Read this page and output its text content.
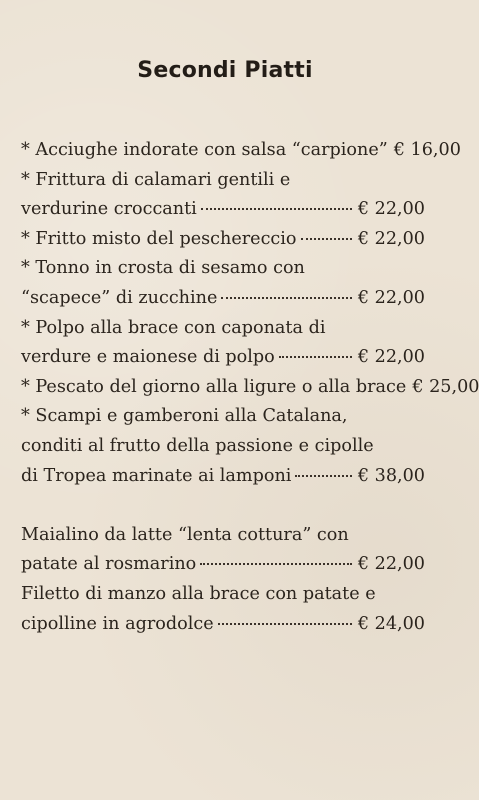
Secondi Piatti
* Acciughe indorate con salsa “carpione” € 16,00
* Frittura di calamari gentili e
verdurine croccanti	€ 22,00
* Fritto misto del peschereccio	€ 22,00
* Tonno in crosta di sesamo con
“scapece” di zucchine	€ 22,00
* Polpo alla brace con caponata di
verdure e maionese di polpo	€ 22,00
* Pescato del giorno alla ligure o alla brace € 25,00
* Scampi e gamberoni alla Catalana,
conditi al frutto della passione e cipolle
di Tropea marinate ai lamponi	€ 38,00
Maialino da latte “lenta cottura” con
patate al rosmarino	€ 22,00
Filetto di manzo alla brace con patate e
cipolline in agrodolce	€ 24,00
